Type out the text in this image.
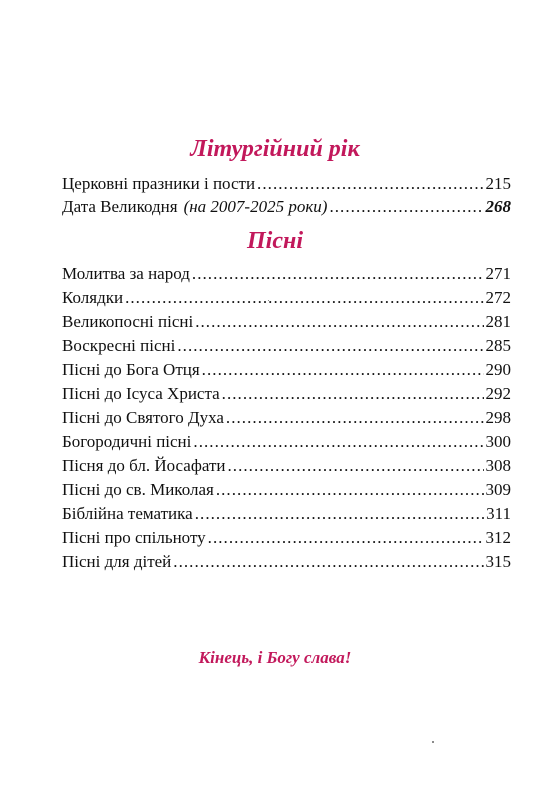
Літургійний рік
Церковні празники і пости . . .	215
Дата Великодня (на 2007-2025 роки) . . .	268
Пісні
Молитва за народ . . .	271
Колядки . . .	272
Великопосні пісні . . .	281
Воскресні пісні . . .	285
Пісні до Бога Отця . . .	290
Пісні до Ісуса Христа . . .	292
Пісні до Святого Духа . . .	298
Богородичні пісні . . .	300
Пісня до бл. Йосафати . . .	308
Пісні до св. Миколая . . .	309
Біблійна тематика . . .	311
Пісні про спільноту . . .	312
Пісні для дітей . . .	315
Кінець, і Богу слава!
